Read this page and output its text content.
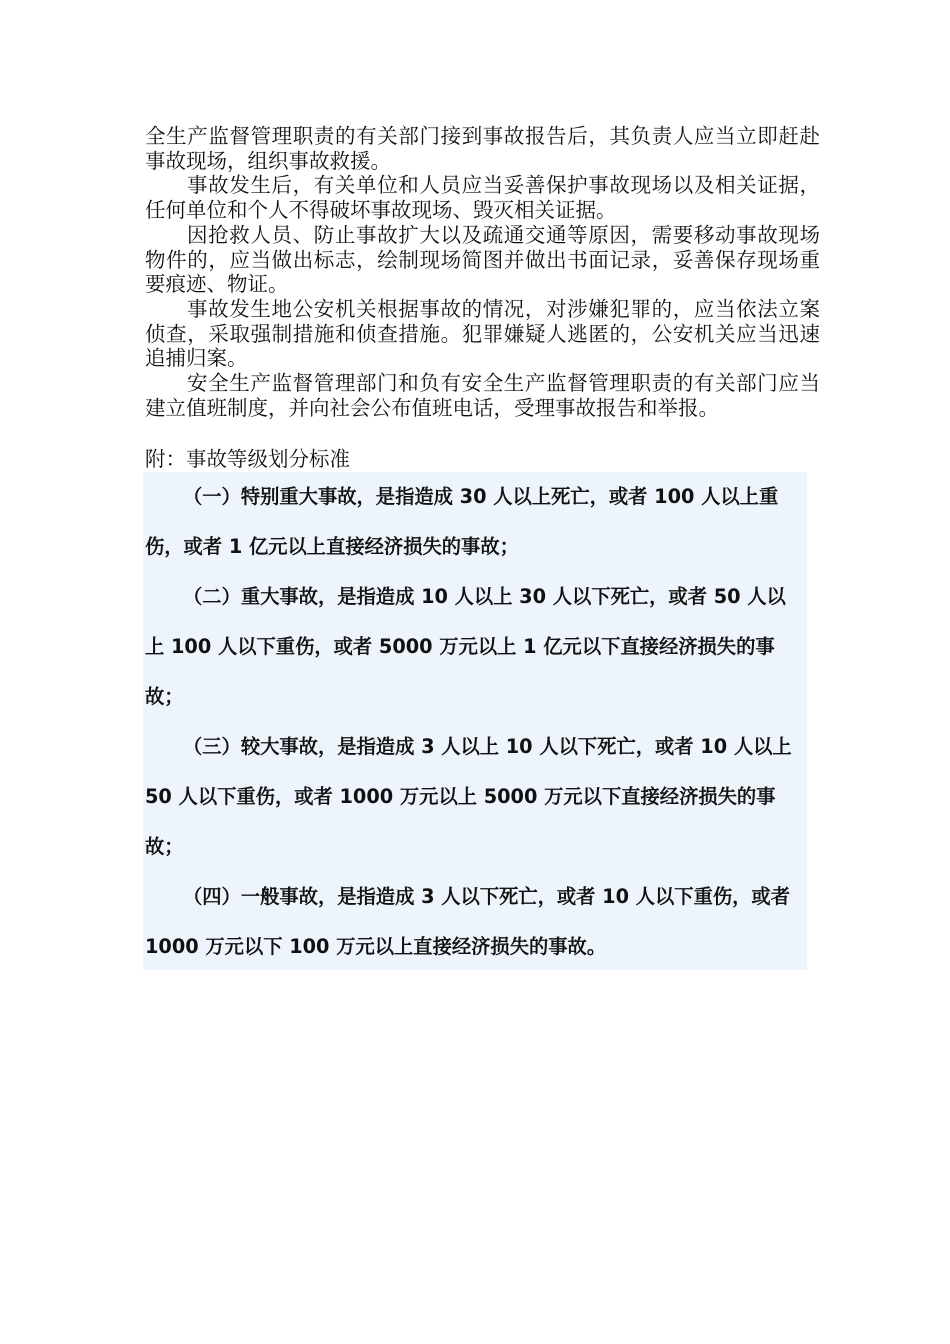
全生产监督管理职责的有关部门接到事故报告后，其负责人应当立即赶赴事故现场，组织事故救援。

事故发生后，有关单位和人员应当妥善保护事故现场以及相关证据，任何单位和个人不得破坏事故现场、毁灭相关证据。

因抢救人员、防止事故扩大以及疏通交通等原因，需要移动事故现场物件的，应当做出标志，绘制现场简图并做出书面记录，妥善保存现场重要痕迹、物证。

事故发生地公安机关根据事故的情况，对涉嫌犯罪的，应当依法立案侦查，采取强制措施和侦查措施。犯罪嫌疑人逃匿的，公安机关应当迅速追捕归案。

安全生产监督管理部门和负有安全生产监督管理职责的有关部门应当建立值班制度，并向社会公布值班电话，受理事故报告和举报。

附：事故等级划分标准

（一）特别重大事故，是指造成 30 人以上死亡，或者 100 人以上重伤，或者 1 亿元以上直接经济损失的事故；

（二）重大事故，是指造成 10 人以上 30 人以下死亡，或者 50 人以上 100 人以下重伤，或者 5000 万元以上 1 亿元以下直接经济损失的事故；

（三）较大事故，是指造成 3 人以上 10 人以下死亡，或者 10 人以上 50 人以下重伤，或者 1000 万元以上 5000 万元以下直接经济损失的事故；

（四）一般事故，是指造成 3 人以下死亡，或者 10 人以下重伤，或者 1000 万元以下 100 万元以上直接经济损失的事故。
